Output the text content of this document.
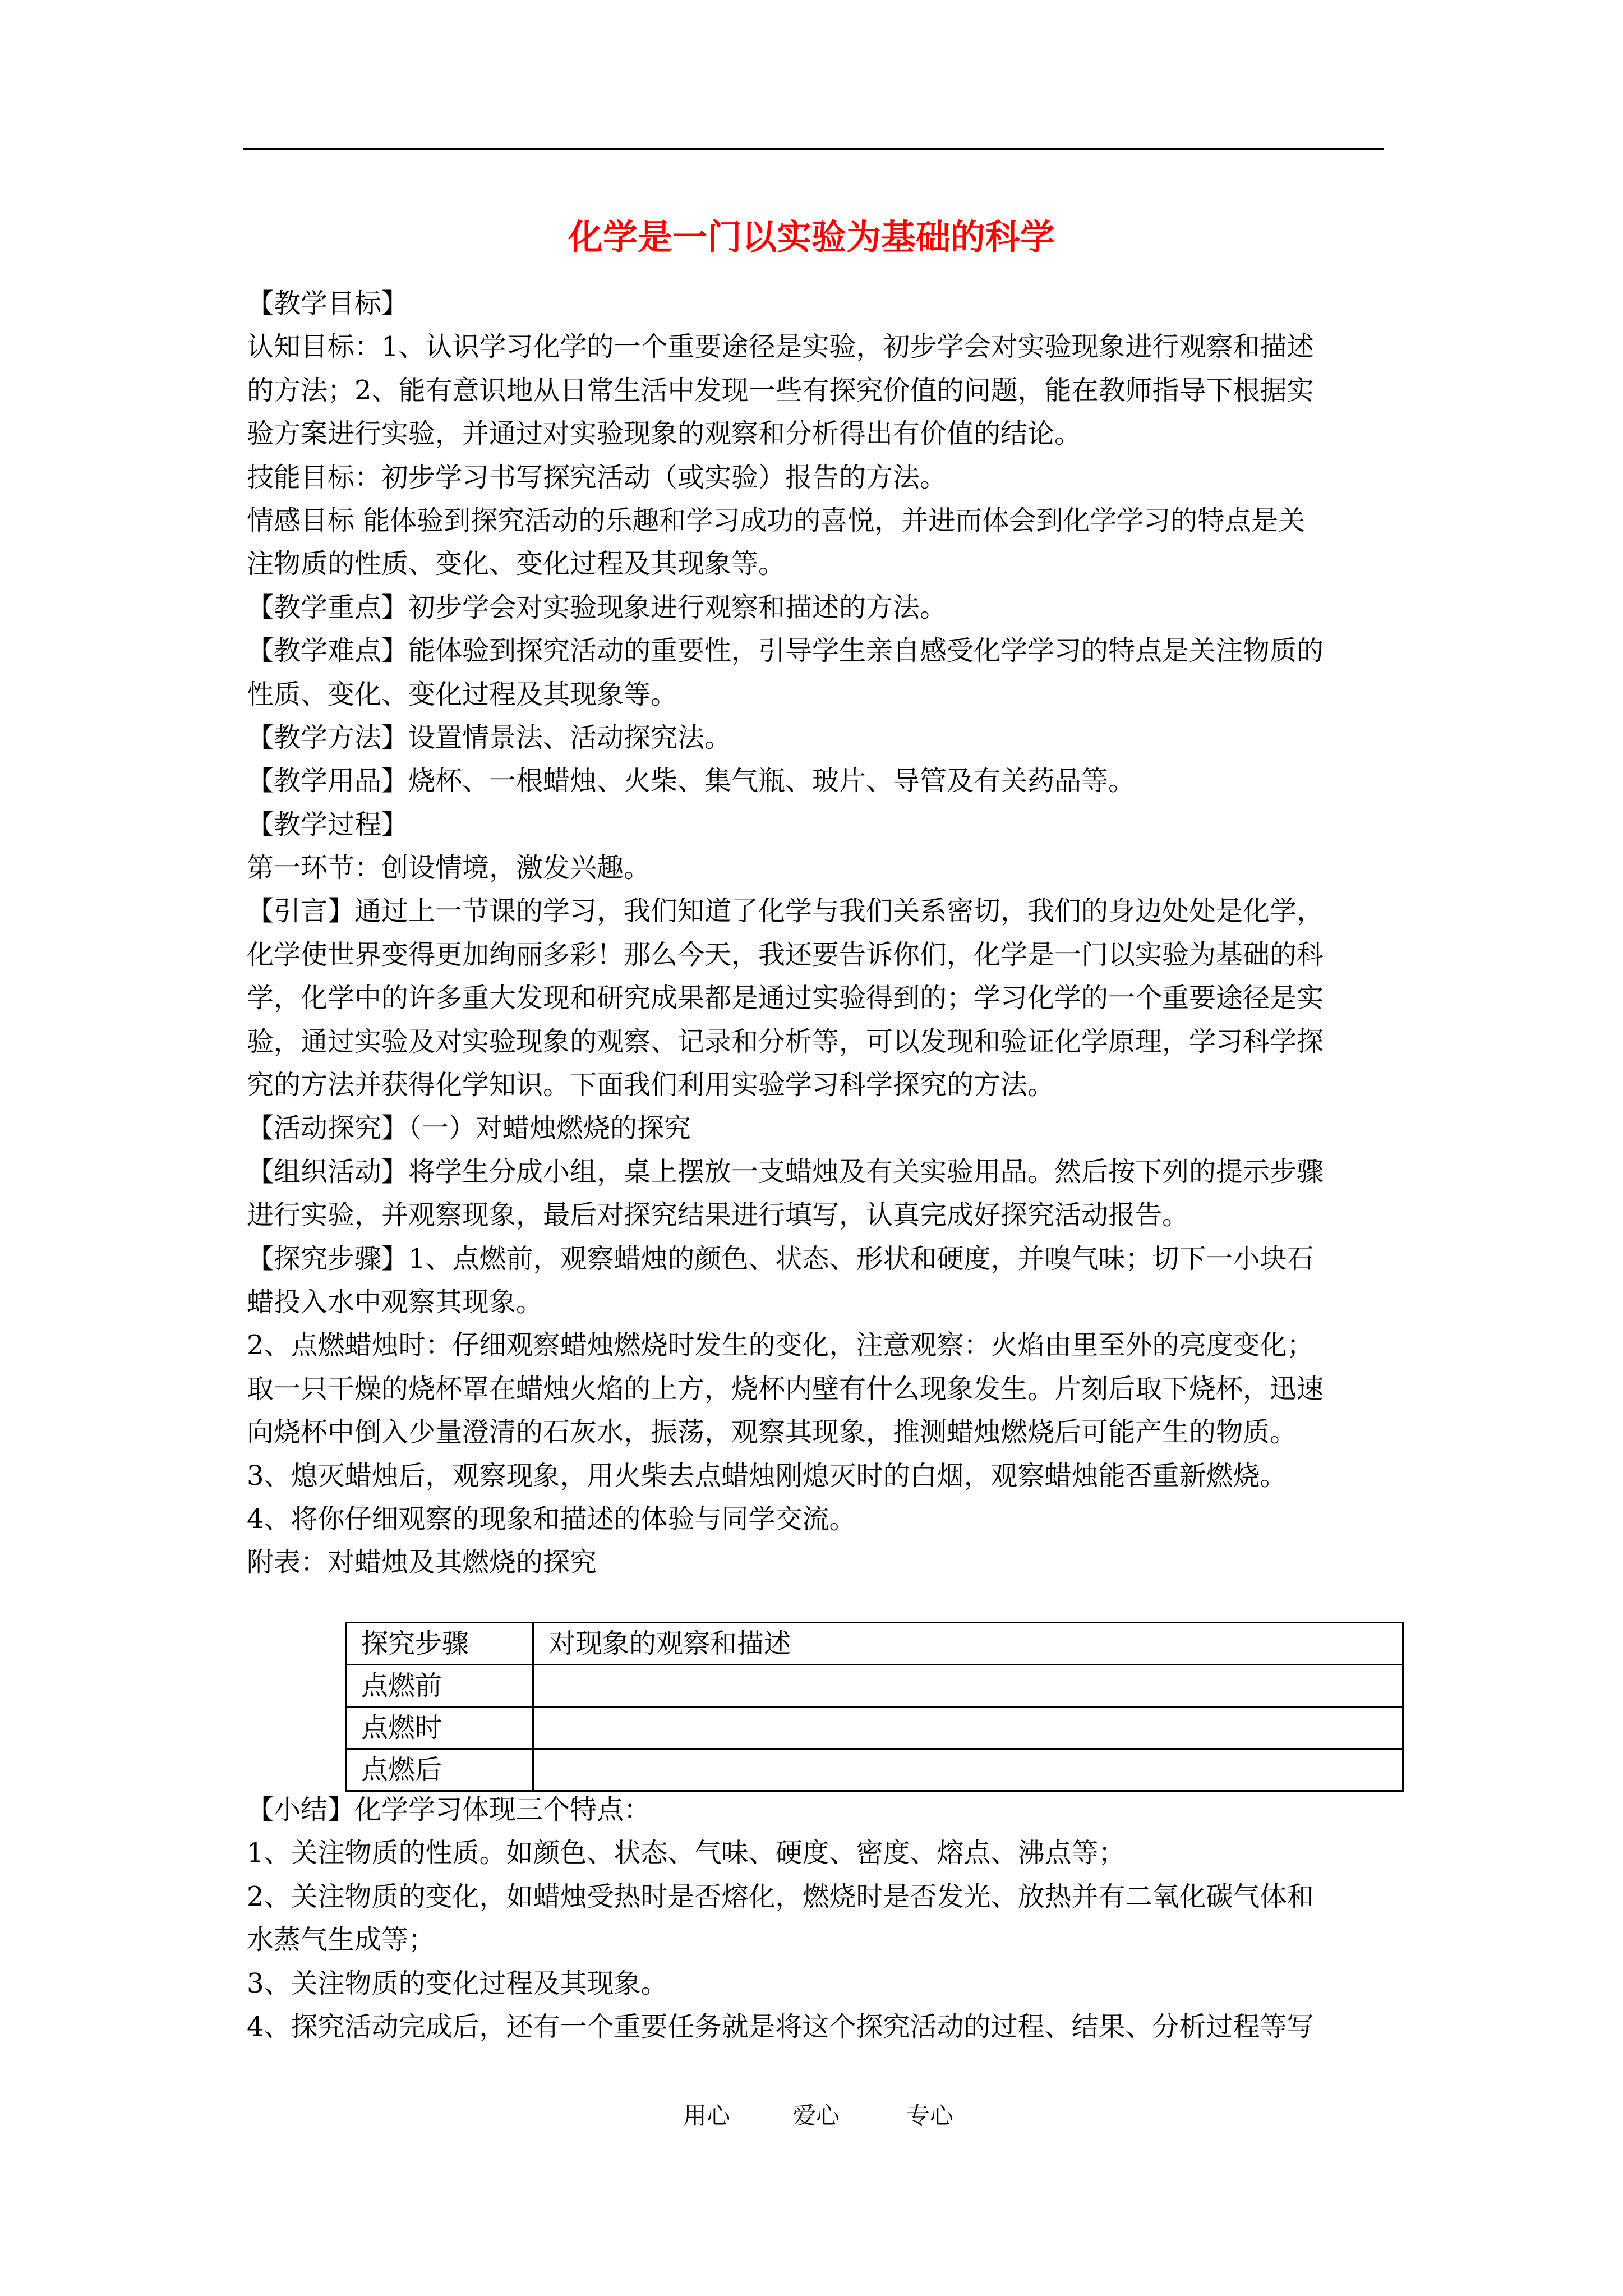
化学是一门以实验为基础的科学
【教学目标】
认知目标：1、认识学习化学的一个重要途径是实验，初步学会对实验现象进行观察和描述
的方法；2、能有意识地从日常生活中发现一些有探究价值的问题，能在教师指导下根据实
验方案进行实验，并通过对实验现象的观察和分析得出有价值的结论。
技能目标：初步学习书写探究活动（或实验）报告的方法。
情感目标 能体验到探究活动的乐趣和学习成功的喜悦，并进而体会到化学学习的特点是关
注物质的性质、变化、变化过程及其现象等。
【教学重点】初步学会对实验现象进行观察和描述的方法。
【教学难点】能体验到探究活动的重要性，引导学生亲自感受化学学习的特点是关注物质的
性质、变化、变化过程及其现象等。
【教学方法】设置情景法、活动探究法。
【教学用品】烧杯、一根蜡烛、火柴、集气瓶、玻片、导管及有关药品等。
【教学过程】
第一环节：创设情境，激发兴趣。
【引言】通过上一节课的学习，我们知道了化学与我们关系密切，我们的身边处处是化学，
化学使世界变得更加绚丽多彩！那么今天，我还要告诉你们，化学是一门以实验为基础的科
学，化学中的许多重大发现和研究成果都是通过实验得到的；学习化学的一个重要途径是实
验，通过实验及对实验现象的观察、记录和分析等，可以发现和验证化学原理，学习科学探
究的方法并获得化学知识。下面我们利用实验学习科学探究的方法。
【活动探究】（一）对蜡烛燃烧的探究
【组织活动】将学生分成小组，桌上摆放一支蜡烛及有关实验用品。然后按下列的提示步骤
进行实验，并观察现象，最后对探究结果进行填写，认真完成好探究活动报告。
【探究步骤】1、点燃前，观察蜡烛的颜色、状态、形状和硬度，并嗅气味；切下一小块石
蜡投入水中观察其现象。
2、点燃蜡烛时：仔细观察蜡烛燃烧时发生的变化，注意观察：火焰由里至外的亮度变化；
取一只干燥的烧杯罩在蜡烛火焰的上方，烧杯内壁有什么现象发生。片刻后取下烧杯，迅速
向烧杯中倒入少量澄清的石灰水，振荡，观察其现象，推测蜡烛燃烧后可能产生的物质。
3、熄灭蜡烛后，观察现象，用火柴去点蜡烛刚熄灭时的白烟，观察蜡烛能否重新燃烧。
4、将你仔细观察的现象和描述的体验与同学交流。
附表：对蜡烛及其燃烧的探究
探究步骤	对现象的观察和描述
点燃前	
点燃时	
点燃后	
【小结】化学学习体现三个特点：
1、关注物质的性质。如颜色、状态、气味、硬度、密度、熔点、沸点等；
2、关注物质的变化，如蜡烛受热时是否熔化，燃烧时是否发光、放热并有二氧化碳气体和
水蒸气生成等；
3、关注物质的变化过程及其现象。
4、探究活动完成后，还有一个重要任务就是将这个探究活动的过程、结果、分析过程等写
用心	爱心	专心
